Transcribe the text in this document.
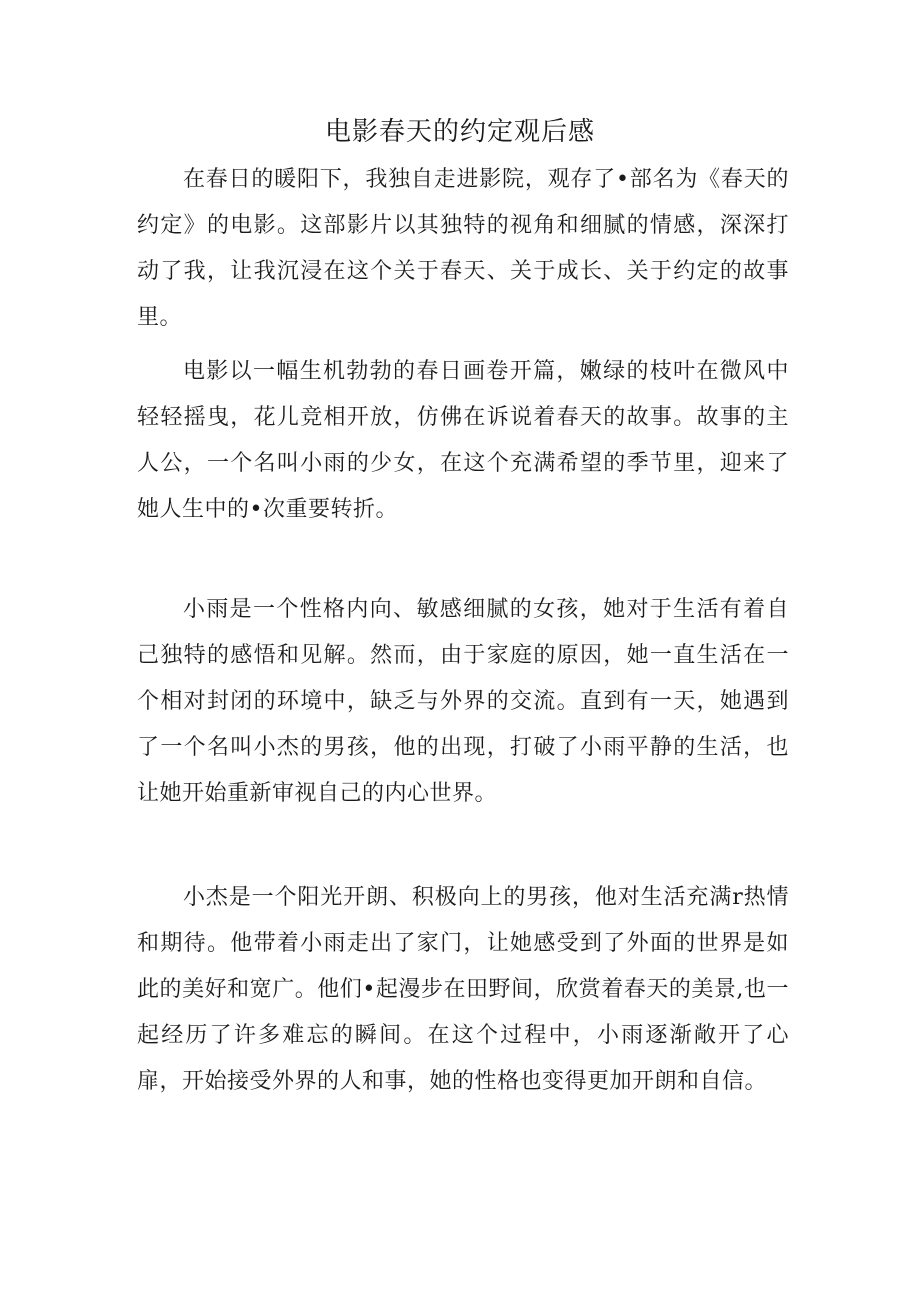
电影春天的约定观后感

在春日的暖阳下，我独自走进影院，观存了•部名为《春天的约定》的电影。这部影片以其独特的视角和细腻的情感，深深打动了我，让我沉浸在这个关于春天、关于成长、关于约定的故事里。

电影以一幅生机勃勃的春日画卷开篇，嫩绿的枝叶在微风中轻轻摇曳，花儿竞相开放，仿佛在诉说着春天的故事。故事的主人公，一个名叫小雨的少女，在这个充满希望的季节里，迎来了她人生中的•次重要转折。

小雨是一个性格内向、敏感细腻的女孩，她对于生活有着自己独特的感悟和见解。然而，由于家庭的原因，她一直生活在一个相对封闭的环境中，缺乏与外界的交流。直到有一天，她遇到了一个名叫小杰的男孩，他的出现，打破了小雨平静的生活，也让她开始重新审视自己的内心世界。

小杰是一个阳光开朗、积极向上的男孩，他对生活充满r热情和期待。他带着小雨走出了家门，让她感受到了外面的世界是如此的美好和宽广。他们•起漫步在田野间，欣赏着春天的美景,也一起经历了许多难忘的瞬间。在这个过程中，小雨逐渐敞开了心扉，开始接受外界的人和事，她的性格也变得更加开朗和自信。
